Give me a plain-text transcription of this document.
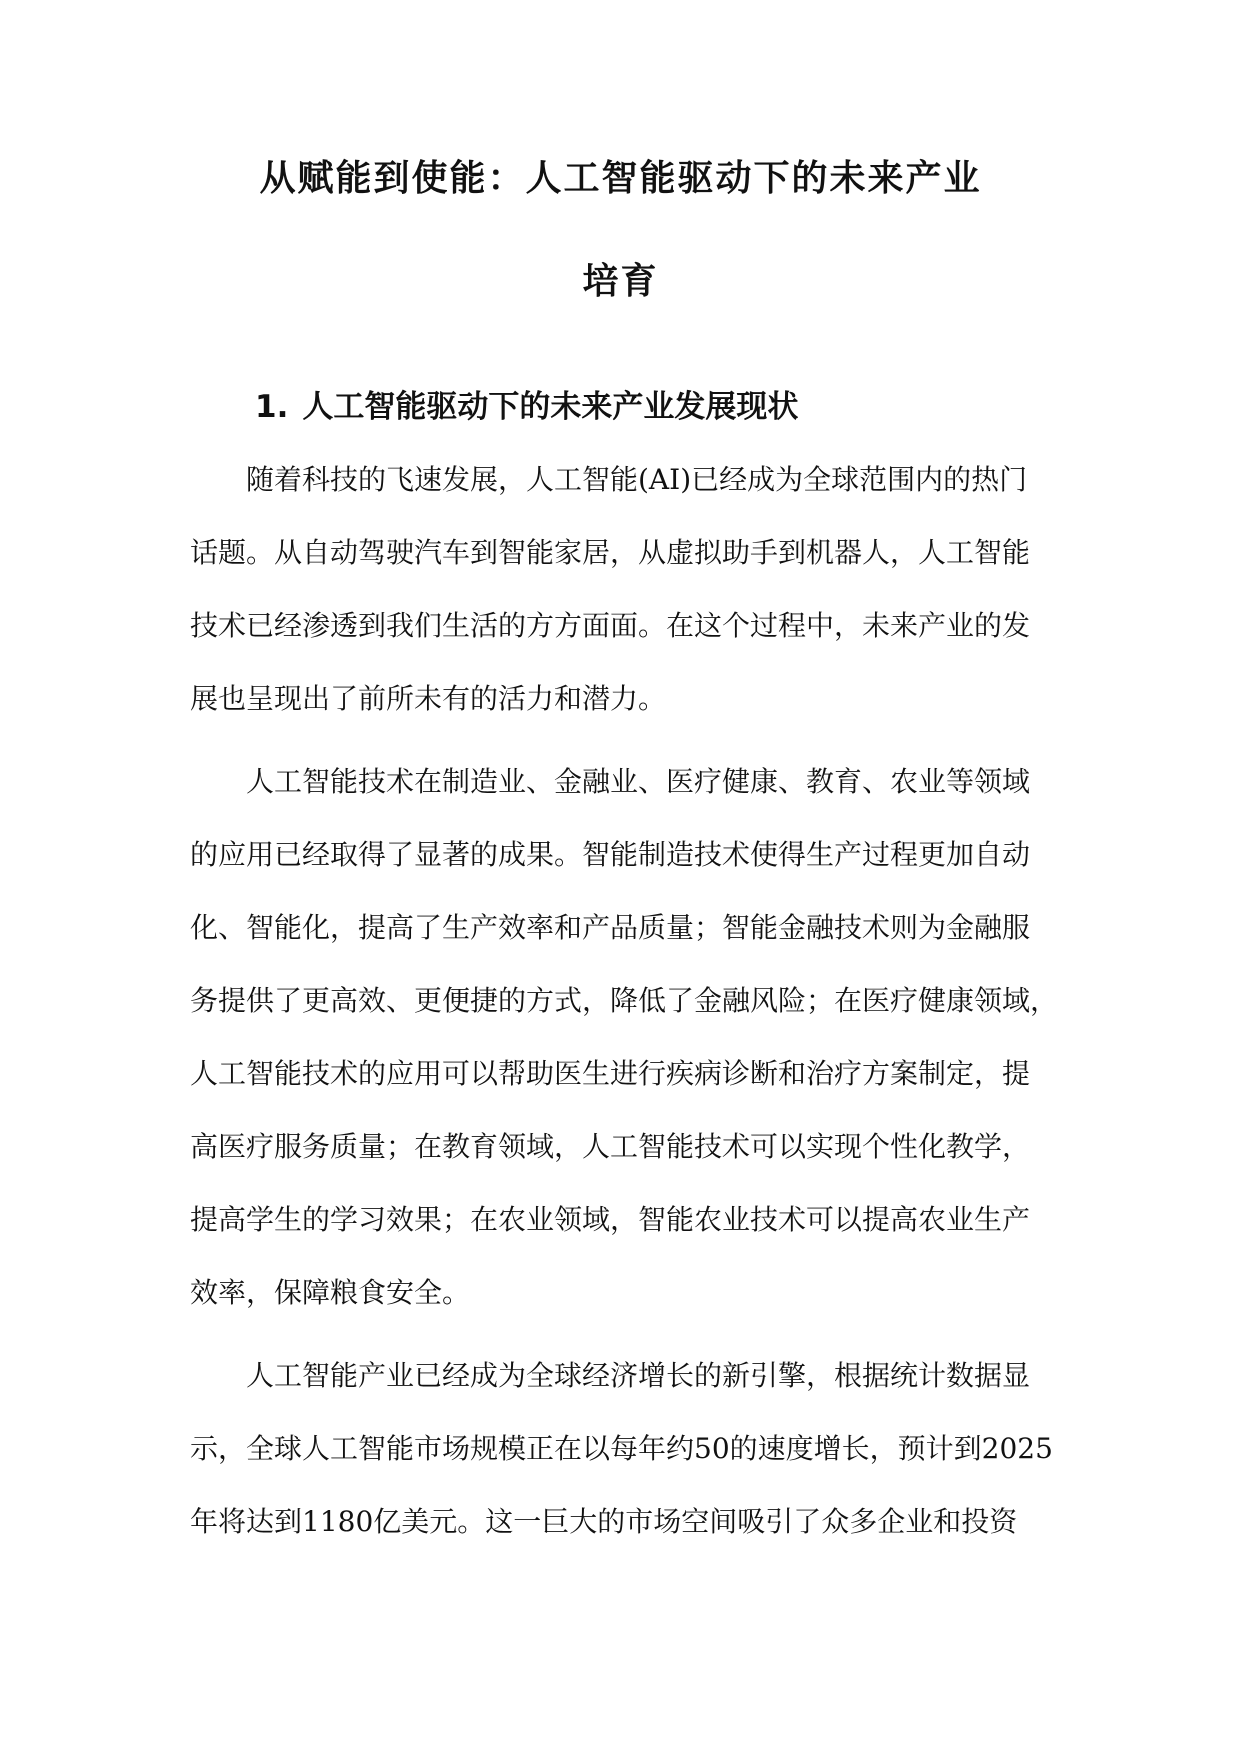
从赋能到使能：人工智能驱动下的未来产业
培育
1. 人工智能驱动下的未来产业发展现状
随着科技的飞速发展，人工智能(AI)已经成为全球范围内的热门
话题。从自动驾驶汽车到智能家居，从虚拟助手到机器人，人工智能
技术已经渗透到我们生活的方方面面。在这个过程中，未来产业的发
展也呈现出了前所未有的活力和潜力。
人工智能技术在制造业、金融业、医疗健康、教育、农业等领域
的应用已经取得了显著的成果。智能制造技术使得生产过程更加自动
化、智能化，提高了生产效率和产品质量；智能金融技术则为金融服
务提供了更高效、更便捷的方式，降低了金融风险；在医疗健康领域，
人工智能技术的应用可以帮助医生进行疾病诊断和治疗方案制定，提
高医疗服务质量；在教育领域，人工智能技术可以实现个性化教学，
提高学生的学习效果；在农业领域，智能农业技术可以提高农业生产
效率，保障粮食安全。
人工智能产业已经成为全球经济增长的新引擎，根据统计数据显
示，全球人工智能市场规模正在以每年约50的速度增长，预计到2025
年将达到1180亿美元。这一巨大的市场空间吸引了众多企业和投资
